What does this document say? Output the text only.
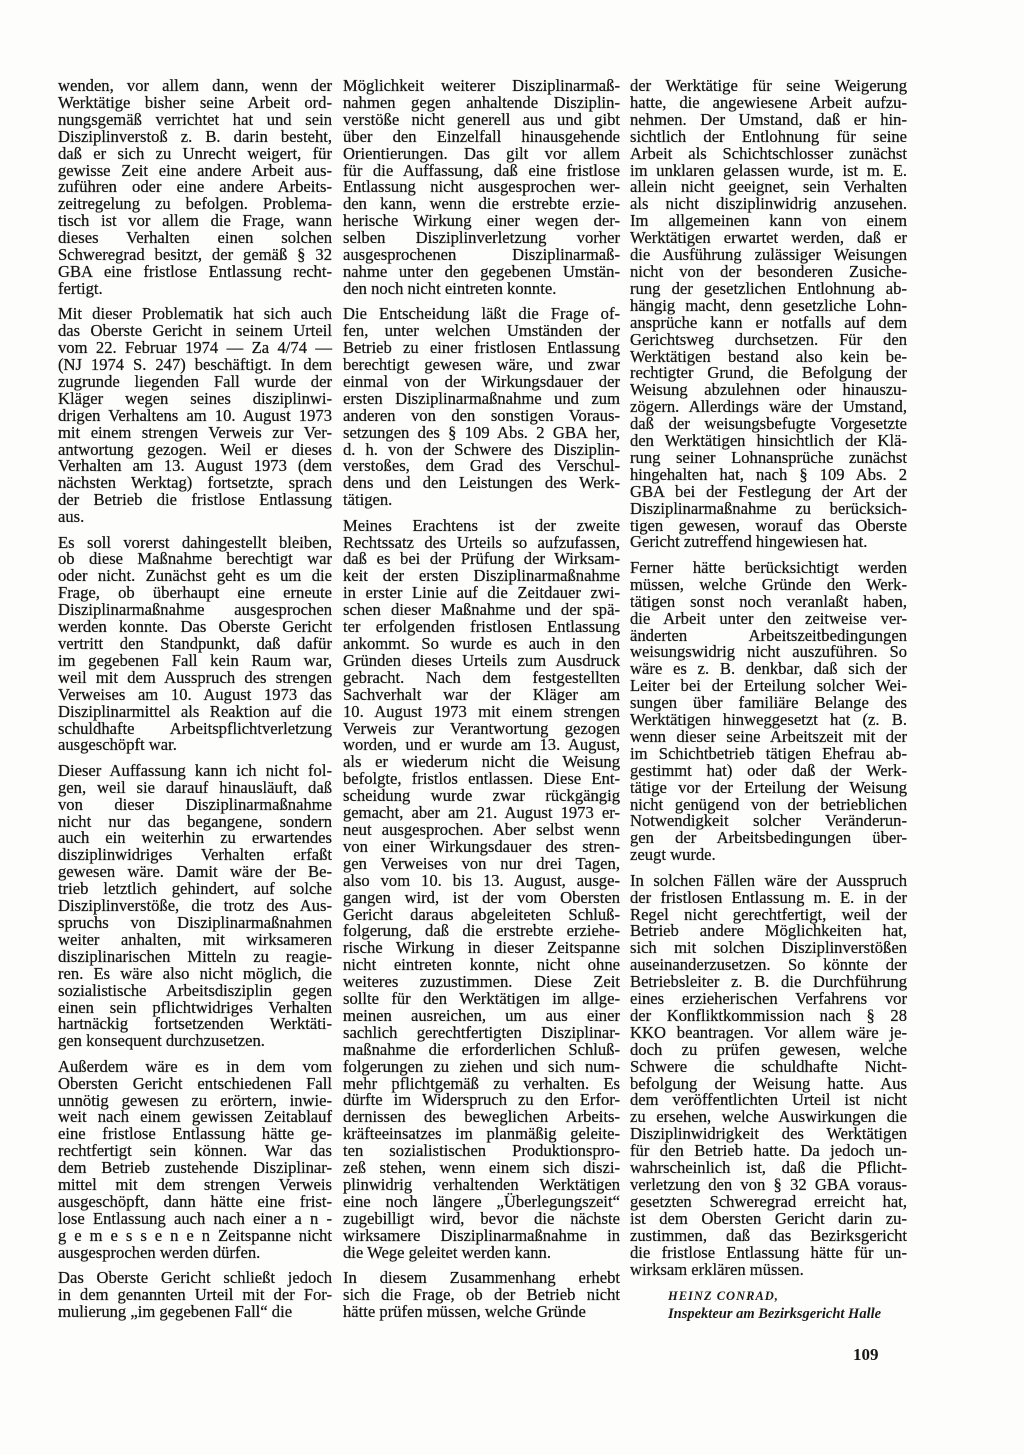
wenden, vor allem dann, wenn der
Werktätige bisher seine Arbeit ord-
nungsgemäß verrichtet hat und sein
Disziplinverstoß z. B. darin besteht,
daß er sich zu Unrecht weigert, für
gewisse Zeit eine andere Arbeit aus-
zuführen oder eine andere Arbeits-
zeitregelung zu befolgen. Problema-
tisch ist vor allem die Frage, wann
dieses Verhalten einen solchen
Schweregrad besitzt, der gemäß § 32
GBA eine fristlose Entlassung recht-
fertigt.
Mit dieser Problematik hat sich auch
das Oberste Gericht in seinem Urteil
vom 22. Februar 1974 — Za 4/74 —
(NJ 1974 S. 247) beschäftigt. In dem
zugrunde liegenden Fall wurde der
Kläger wegen seines disziplinwi-
drigen Verhaltens am 10. August 1973
mit einem strengen Verweis zur Ver-
antwortung gezogen. Weil er dieses
Verhalten am 13. August 1973 (dem
nächsten Werktag) fortsetzte, sprach
der Betrieb die fristlose Entlassung
aus.
Es soll vorerst dahingestellt bleiben,
ob diese Maßnahme berechtigt war
oder nicht. Zunächst geht es um die
Frage, ob überhaupt eine erneute
Disziplinarmaßnahme ausgesprochen
werden konnte. Das Oberste Gericht
vertritt den Standpunkt, daß dafür
im gegebenen Fall kein Raum war,
weil mit dem Ausspruch des strengen
Verweises am 10. August 1973 das
Disziplinarmittel als Reaktion auf die
schuldhafte Arbeitspflichtverletzung
ausgeschöpft war.
Dieser Auffassung kann ich nicht fol-
gen, weil sie darauf hinausläuft, daß
von dieser Disziplinarmaßnahme
nicht nur das begangene, sondern
auch ein weiterhin zu erwartendes
disziplinwidriges Verhalten erfaßt
gewesen wäre. Damit wäre der Be-
trieb letztlich gehindert, auf solche
Disziplinverstöße, die trotz des Aus-
spruchs von Disziplinarmaßnahmen
weiter anhalten, mit wirksameren
disziplinarischen Mitteln zu reagie-
ren. Es wäre also nicht möglich, die
sozialistische Arbeitsdisziplin gegen
einen sein pflichtwidriges Verhalten
hartnäckig fortsetzenden Werktäti-
gen konsequent durchzusetzen.
Außerdem wäre es in dem vom
Obersten Gericht entschiedenen Fall
unnötig gewesen zu erörtern, inwie-
weit nach einem gewissen Zeitablauf
eine fristlose Entlassung hätte ge-
rechtfertigt sein können. War das
dem Betrieb zustehende Disziplinar-
mittel mit dem strengen Verweis
ausgeschöpft, dann hätte eine frist-
lose Entlassung auch nach einer a n -
g e m e s s e n e n Zeitspanne nicht
ausgesprochen werden dürfen.
Das Oberste Gericht schließt jedoch
in dem genannten Urteil mit der For-
mulierung „im gegebenen Fall“ die
Möglichkeit weiterer Disziplinarmaß-
nahmen gegen anhaltende Disziplin-
verstöße nicht generell aus und gibt
über den Einzelfall hinausgehende
Orientierungen. Das gilt vor allem
für die Auffassung, daß eine fristlose
Entlassung nicht ausgesprochen wer-
den kann, wenn die erstrebte erzie-
herische Wirkung einer wegen der-
selben Disziplinverletzung vorher
ausgesprochenen Disziplinarmaß-
nahme unter den gegebenen Umstän-
den noch nicht eintreten konnte.
Die Entscheidung läßt die Frage of-
fen, unter welchen Umständen der
Betrieb zu einer fristlosen Entlassung
berechtigt gewesen wäre, und zwar
einmal von der Wirkungsdauer der
ersten Disziplinarmaßnahme und zum
anderen von den sonstigen Voraus-
setzungen des § 109 Abs. 2 GBA her,
d. h. von der Schwere des Disziplin-
verstoßes, dem Grad des Verschul-
dens und den Leistungen des Werk-
tätigen.
Meines Erachtens ist der zweite
Rechtssatz des Urteils so aufzufassen,
daß es bei der Prüfung der Wirksam-
keit der ersten Disziplinarmaßnahme
in erster Linie auf die Zeitdauer zwi-
schen dieser Maßnahme und der spä-
ter erfolgenden fristlosen Entlassung
ankommt. So wurde es auch in den
Gründen dieses Urteils zum Ausdruck
gebracht. Nach dem festgestellten
Sachverhalt war der Kläger am
10. August 1973 mit einem strengen
Verweis zur Verantwortung gezogen
worden, und er wurde am 13. August,
als er wiederum nicht die Weisung
befolgte, fristlos entlassen. Diese Ent-
scheidung wurde zwar rückgängig
gemacht, aber am 21. August 1973 er-
neut ausgesprochen. Aber selbst wenn
von einer Wirkungsdauer des stren-
gen Verweises von nur drei Tagen,
also vom 10. bis 13. August, ausge-
gangen wird, ist der vom Obersten
Gericht daraus abgeleiteten Schluß-
folgerung, daß die erstrebte erziehe-
rische Wirkung in dieser Zeitspanne
nicht eintreten konnte, nicht ohne
weiteres zuzustimmen. Diese Zeit
sollte für den Werktätigen im allge-
meinen ausreichen, um aus einer
sachlich gerechtfertigten Disziplinar-
maßnahme die erforderlichen Schluß-
folgerungen zu ziehen und sich num-
mehr pflichtgemäß zu verhalten. Es
dürfte im Widerspruch zu den Erfor-
dernissen des beweglichen Arbeits-
kräfteeinsatzes im planmäßig geleite-
ten sozialistischen Produktionspro-
zeß stehen, wenn einem sich diszi-
plinwidrig verhaltenden Werktätigen
eine noch längere „Überlegungszeit“
zugebilligt wird, bevor die nächste
wirksamere Disziplinarmaßnahme in
die Wege geleitet werden kann.
In diesem Zusammenhang erhebt
sich die Frage, ob der Betrieb nicht
hätte prüfen müssen, welche Gründe
der Werktätige für seine Weigerung
hatte, die angewiesene Arbeit aufzu-
nehmen. Der Umstand, daß er hin-
sichtlich der Entlohnung für seine
Arbeit als Schichtschlosser zunächst
im unklaren gelassen wurde, ist m. E.
allein nicht geeignet, sein Verhalten
als nicht disziplinwidrig anzusehen.
Im allgemeinen kann von einem
Werktätigen erwartet werden, daß er
die Ausführung zulässiger Weisungen
nicht von der besonderen Zusiche-
rung der gesetzlichen Entlohnung ab-
hängig macht, denn gesetzliche Lohn-
ansprüche kann er notfalls auf dem
Gerichtsweg durchsetzen. Für den
Werktätigen bestand also kein be-
rechtigter Grund, die Befolgung der
Weisung abzulehnen oder hinauszu-
zögern. Allerdings wäre der Umstand,
daß der weisungsbefugte Vorgesetzte
den Werktätigen hinsichtlich der Klä-
rung seiner Lohnansprüche zunächst
hingehalten hat, nach § 109 Abs. 2
GBA bei der Festlegung der Art der
Disziplinarmaßnahme zu berücksich-
tigen gewesen, worauf das Oberste
Gericht zutreffend hingewiesen hat.
Ferner hätte berücksichtigt werden
müssen, welche Gründe den Werk-
tätigen sonst noch veranlaßt haben,
die Arbeit unter den zeitweise ver-
änderten Arbeitszeitbedingungen
weisungswidrig nicht auszuführen. So
wäre es z. B. denkbar, daß sich der
Leiter bei der Erteilung solcher Wei-
sungen über familiäre Belange des
Werktätigen hinweggesetzt hat (z. B.
wenn dieser seine Arbeitszeit mit der
im Schichtbetrieb tätigen Ehefrau ab-
gestimmt hat) oder daß der Werk-
tätige vor der Erteilung der Weisung
nicht genügend von der betrieblichen
Notwendigkeit solcher Veränderun-
gen der Arbeitsbedingungen über-
zeugt wurde.
In solchen Fällen wäre der Ausspruch
der fristlosen Entlassung m. E. in der
Regel nicht gerechtfertigt, weil der
Betrieb andere Möglichkeiten hat,
sich mit solchen Disziplinverstößen
auseinanderzusetzen. So könnte der
Betriebsleiter z. B. die Durchführung
eines erzieherischen Verfahrens vor
der Konfliktkommission nach § 28
KKO beantragen. Vor allem wäre je-
doch zu prüfen gewesen, welche
Schwere die schuldhafte Nicht-
befolgung der Weisung hatte. Aus
dem veröffentlichten Urteil ist nicht
zu ersehen, welche Auswirkungen die
Disziplinwidrigkeit des Werktätigen
für den Betrieb hatte. Da jedoch un-
wahrscheinlich ist, daß die Pflicht-
verletzung den von § 32 GBA voraus-
gesetzten Schweregrad erreicht hat,
ist dem Obersten Gericht darin zu-
zustimmen, daß das Bezirksgericht
die fristlose Entlassung hätte für un-
wirksam erklären müssen.
HEINZ CONRAD,
Inspekteur am Bezirksgericht Halle
109
